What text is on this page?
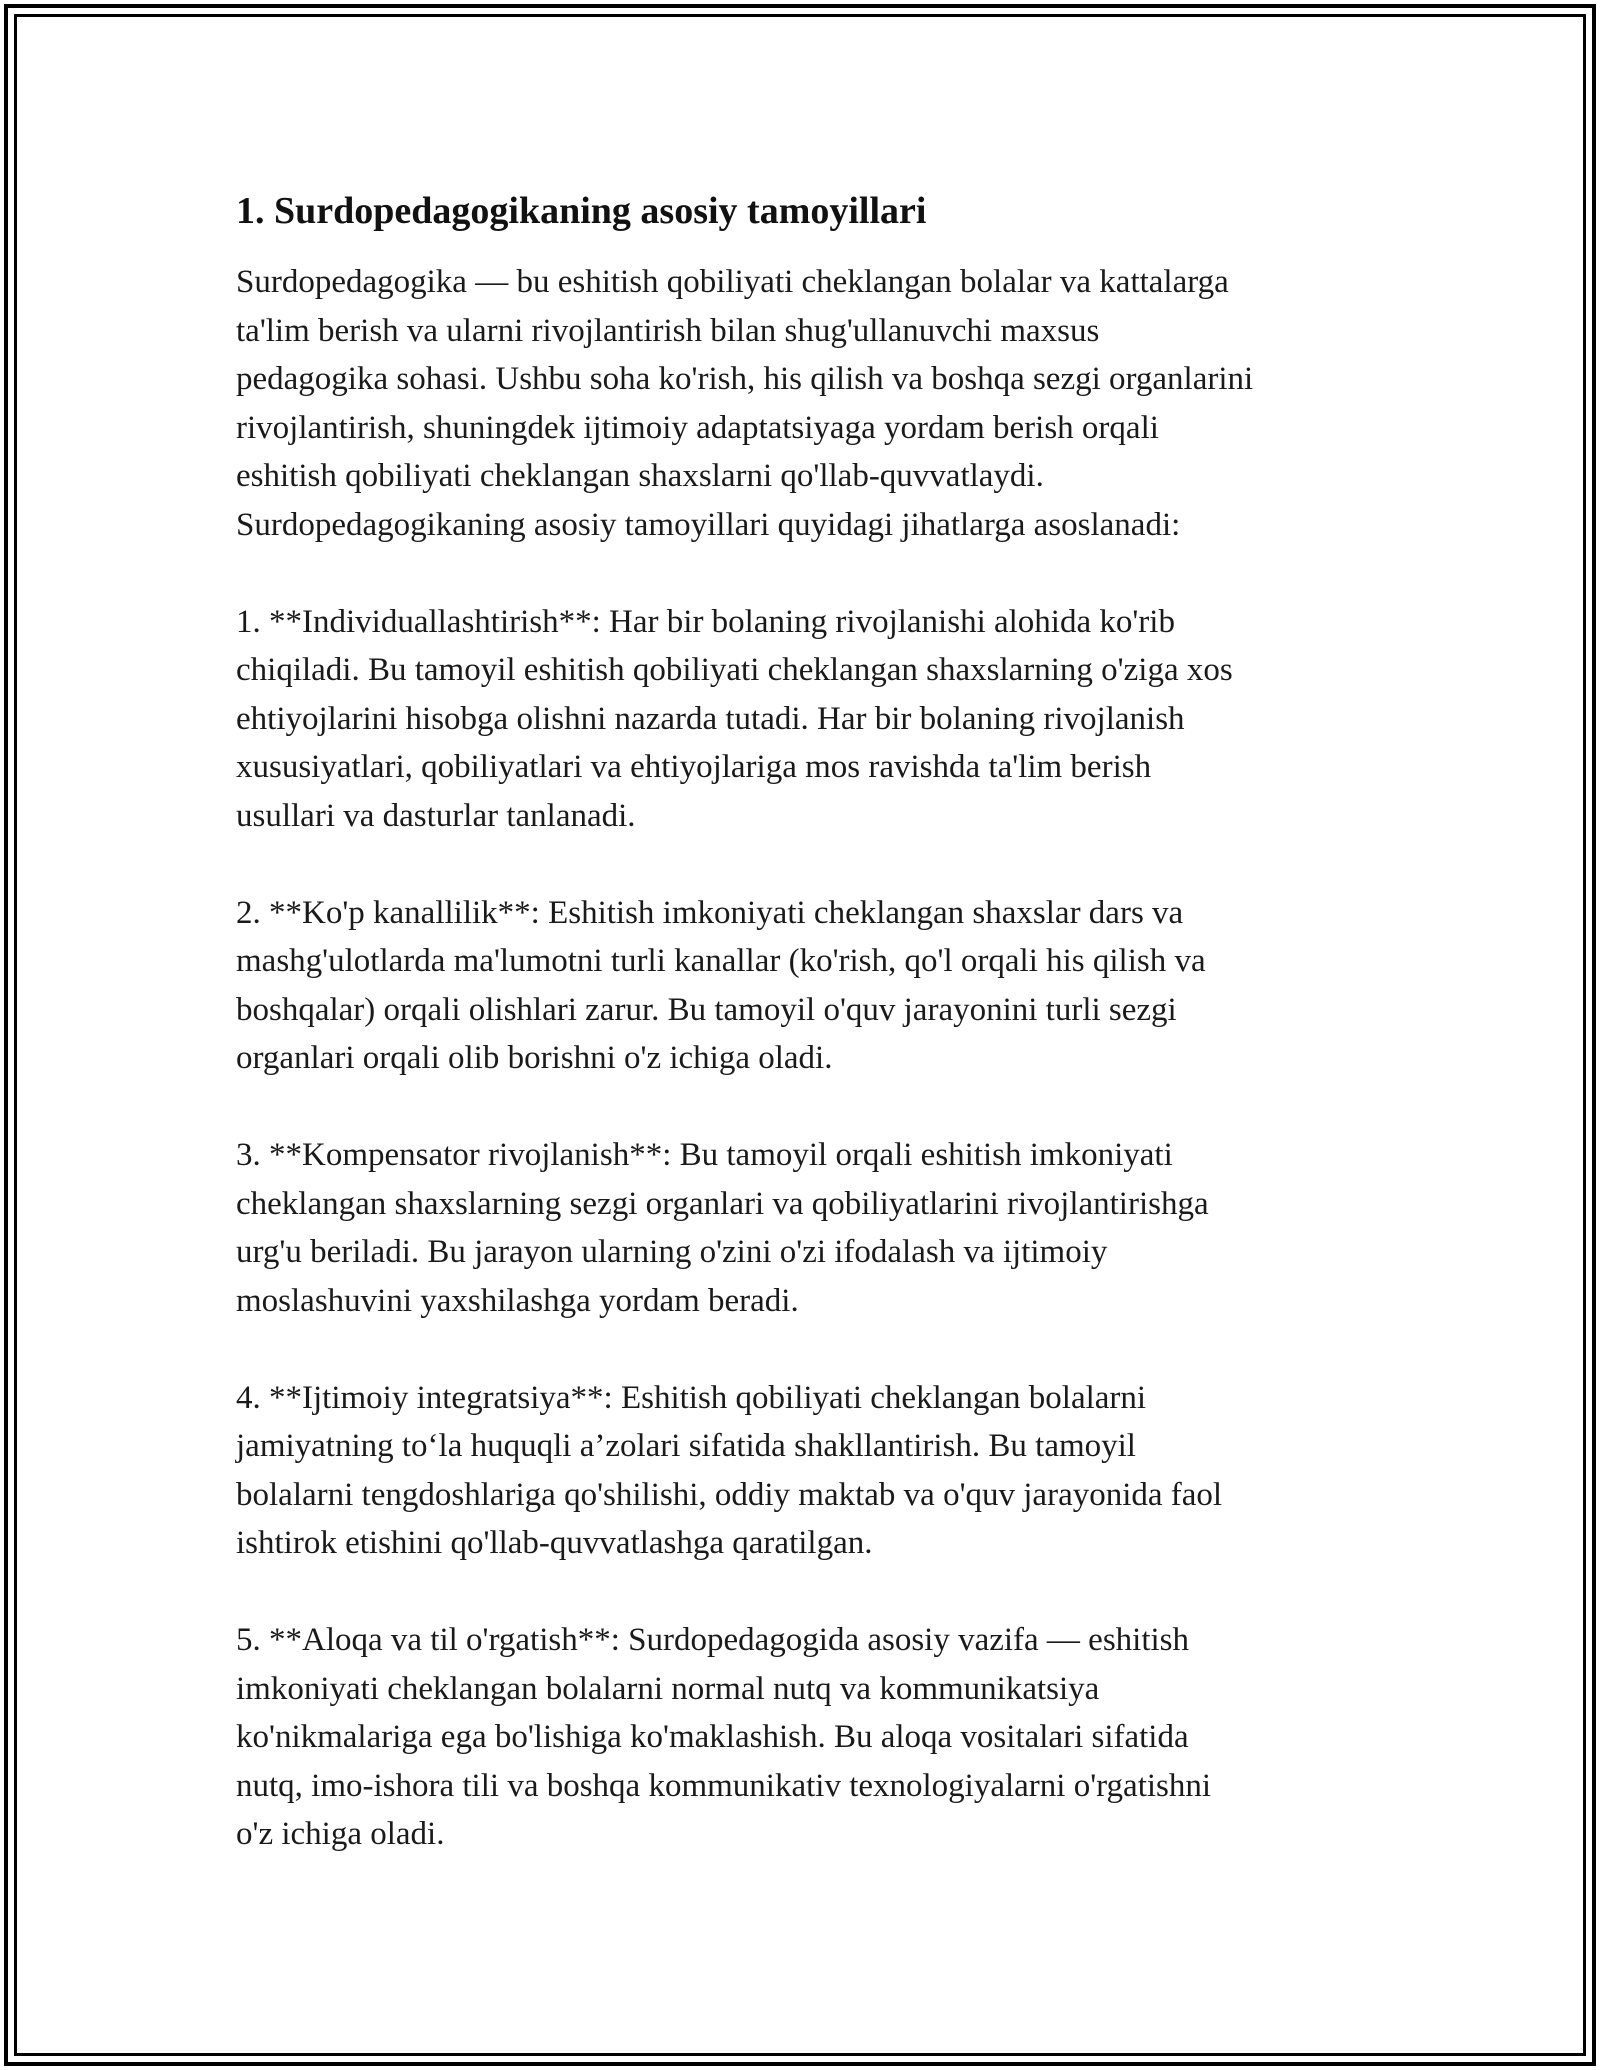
1. Surdopedagogikaning asosiy tamoyillari
Surdopedagogika — bu eshitish qobiliyati cheklangan bolalar va kattalarga
ta'lim berish va ularni rivojlantirish bilan shug'ullanuvchi maxsus
pedagogika sohasi. Ushbu soha ko'rish, his qilish va boshqa sezgi organlarini
rivojlantirish, shuningdek ijtimoiy adaptatsiyaga yordam berish orqali
eshitish qobiliyati cheklangan shaxslarni qo'llab-quvvatlaydi.
Surdopedagogikaning asosiy tamoyillari quyidagi jihatlarga asoslanadi:
1. **Individuallashtirish**: Har bir bolaning rivojlanishi alohida ko'rib
chiqiladi. Bu tamoyil eshitish qobiliyati cheklangan shaxslarning o'ziga xos
ehtiyojlarini hisobga olishni nazarda tutadi. Har bir bolaning rivojlanish
xususiyatlari, qobiliyatlari va ehtiyojlariga mos ravishda ta'lim berish
usullari va dasturlar tanlanadi.
2. **Ko'p kanallilik**: Eshitish imkoniyati cheklangan shaxslar dars va
mashg'ulotlarda ma'lumotni turli kanallar (ko'rish, qo'l orqali his qilish va
boshqalar) orqali olishlari zarur. Bu tamoyil o'quv jarayonini turli sezgi
organlari orqali olib borishni o'z ichiga oladi.
3. **Kompensator rivojlanish**: Bu tamoyil orqali eshitish imkoniyati
cheklangan shaxslarning sezgi organlari va qobiliyatlarini rivojlantirishga
urg'u beriladi. Bu jarayon ularning o'zini o'zi ifodalash va ijtimoiy
moslashuvini yaxshilashga yordam beradi.
4. **Ijtimoiy integratsiya**: Eshitish qobiliyati cheklangan bolalarni
jamiyatning to‘la huquqli a’zolari sifatida shakllantirish. Bu tamoyil
bolalarni tengdoshlariga qo'shilishi, oddiy maktab va o'quv jarayonida faol
ishtirok etishini qo'llab-quvvatlashga qaratilgan.
5. **Aloqa va til o'rgatish**: Surdopedagogida asosiy vazifa — eshitish
imkoniyati cheklangan bolalarni normal nutq va kommunikatsiya
ko'nikmalariga ega bo'lishiga ko'maklashish. Bu aloqa vositalari sifatida
nutq, imo-ishora tili va boshqa kommunikativ texnologiyalarni o'rgatishni
o'z ichiga oladi.
